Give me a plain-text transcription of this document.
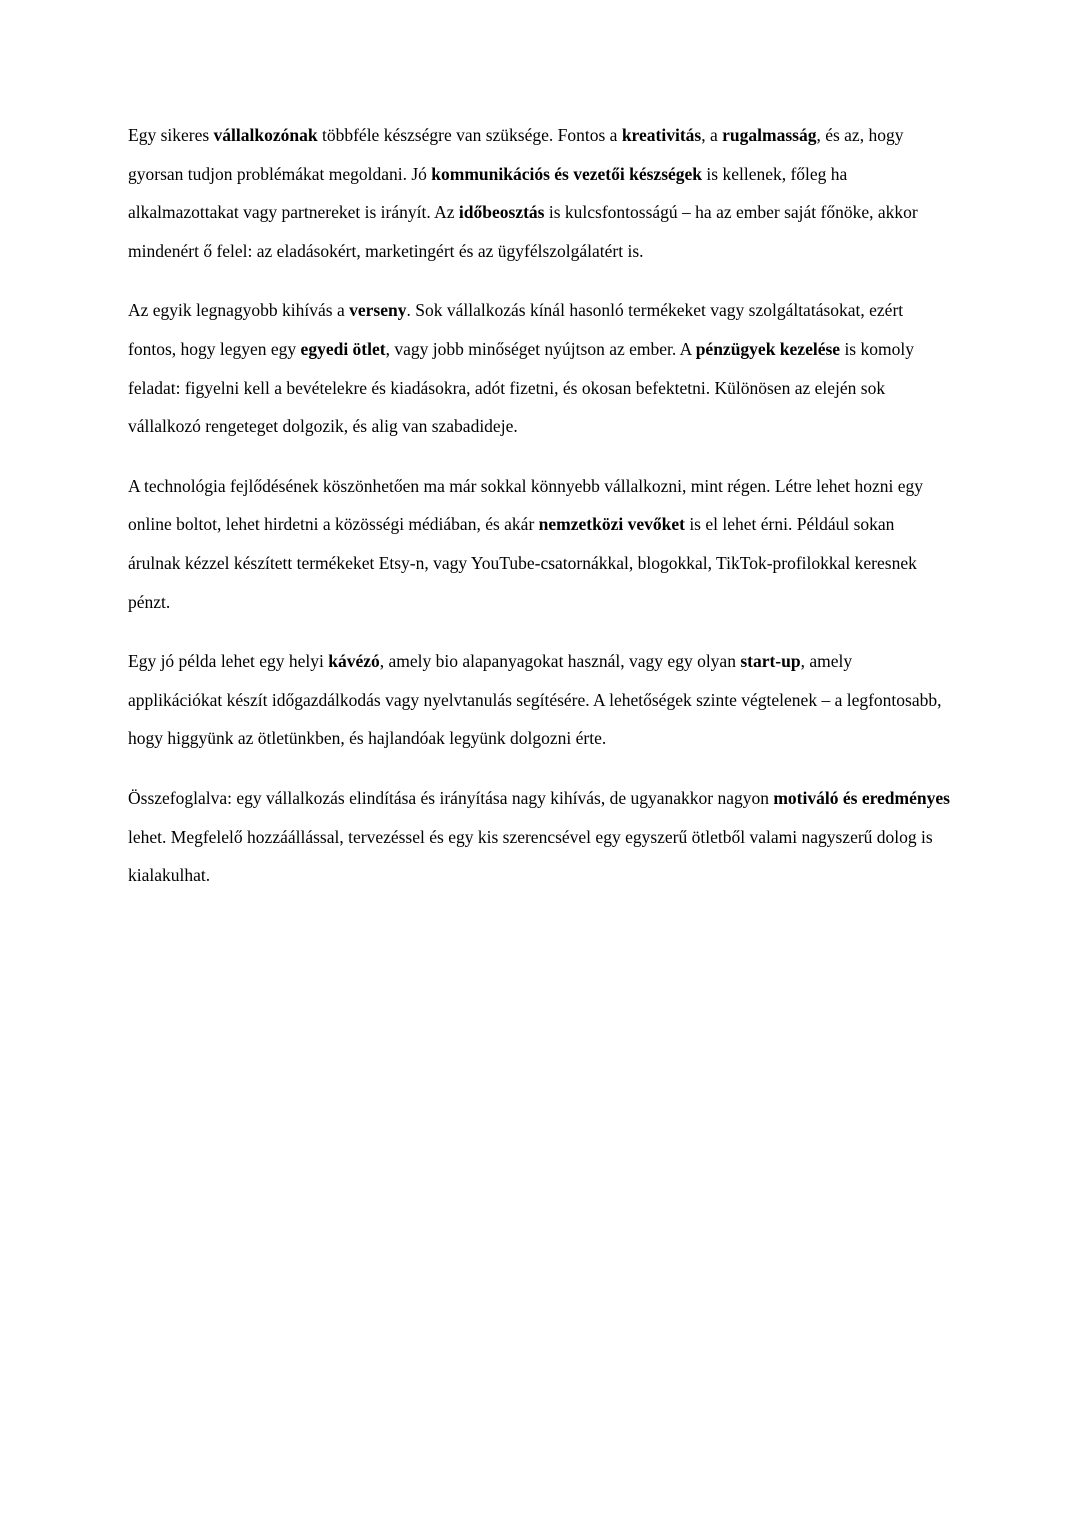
Egy sikeres vállalkozónak többféle készségre van szüksége. Fontos a kreativitás, a rugalmasság, és az, hogy gyorsan tudjon problémákat megoldani. Jó kommunikációs és vezetői készségek is kellenek, főleg ha alkalmazottakat vagy partnereket is irányít. Az időbeosztás is kulcsfontosságú – ha az ember saját főnöke, akkor mindenért ő felel: az eladásokért, marketingért és az ügyfélszolgálatért is.

Az egyik legnagyobb kihívás a verseny. Sok vállalkozás kínál hasonló termékeket vagy szolgáltatásokat, ezért fontos, hogy legyen egy egyedi ötlet, vagy jobb minőséget nyújtson az ember. A pénzügyek kezelése is komoly feladat: figyelni kell a bevételekre és kiadásokra, adót fizetni, és okosan befektetni. Különösen az elején sok vállalkozó rengeteget dolgozik, és alig van szabadideje.

A technológia fejlődésének köszönhetően ma már sokkal könnyebb vállalkozni, mint régen. Létre lehet hozni egy online boltot, lehet hirdetni a közösségi médiában, és akár nemzetközi vevőket is el lehet érni. Például sokan árulnak kézzel készített termékeket Etsy-n, vagy YouTube-csatornákkal, blogokkal, TikTok-profilokkal keresnek pénzt.

Egy jó példa lehet egy helyi kávézó, amely bio alapanyagokat használ, vagy egy olyan start-up, amely applikációkat készít időgazdálkodás vagy nyelvtanulás segítésére. A lehetőségek szinte végtelenek – a legfontosabb, hogy higgyünk az ötletünkben, és hajlandóak legyünk dolgozni érte.

Összefoglalva: egy vállalkozás elindítása és irányítása nagy kihívás, de ugyanakkor nagyon motiváló és eredményes lehet. Megfelelő hozzáállással, tervezéssel és egy kis szerencsével egy egyszerű ötletből valami nagyszerű dolog is kialakulhat.
